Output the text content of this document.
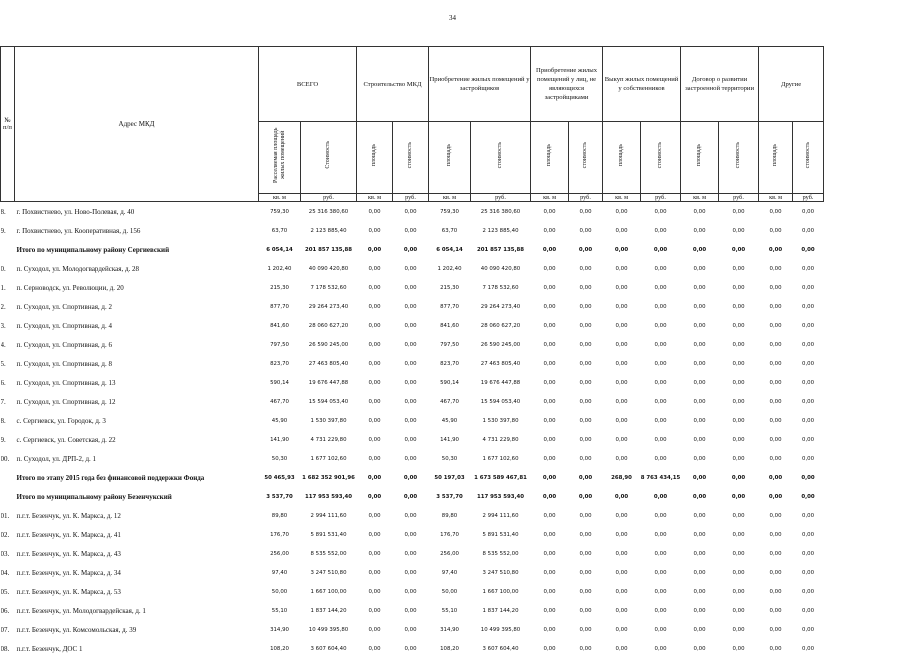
34
№ п/п	Адрес МКД	ВСЕГО		Строительство МКД		Приобретение жилых помещений у застройщиков		Приобретение жилых помещений у лиц, не являющихся застройщиками		Выкуп жилых помещений у собственников		Договор о развитии застроенной территории		Другие	
		Расселяемая площадь жилых помещений	Стоимость	площадь	стоимость	площадь	стоимость	площадь	стоимость	площадь	стоимость	площадь	стоимость	площадь	стоимость
		кв. м	руб.	кв. м	руб.	кв. м	руб.	кв. м	руб.	кв. м	руб.	кв. м	руб.	кв. м	руб.
8.	г. Похвистнево, ул. Ново-Полевая, д. 40	759,30	25 316 380,60	0,00	0,00	759,30	25 316 380,60	0,00	0,00	0,00	0,00	0,00	0,00	0,00	0,00
9.	г. Похвистнево, ул. Кооперативная, д. 156	63,70	2 123 885,40	0,00	0,00	63,70	2 123 885,40	0,00	0,00	0,00	0,00	0,00	0,00	0,00	0,00
	Итого по муниципальному району Сергиевский	6 054,14	201 857 135,88	0,00	0,00	6 054,14	201 857 135,88	0,00	0,00	0,00	0,00	0,00	0,00	0,00	0,00
0.	п. Суходол, ул. Молодогвардейская, д. 28	1 202,40	40 090 420,80	0,00	0,00	1 202,40	40 090 420,80	0,00	0,00	0,00	0,00	0,00	0,00	0,00	0,00
1.	п. Серноводск, ул. Революции, д. 20	215,30	7 178 532,60	0,00	0,00	215,30	7 178 532,60	0,00	0,00	0,00	0,00	0,00	0,00	0,00	0,00
2.	п. Суходол, ул. Спортивная, д. 2	877,70	29 264 273,40	0,00	0,00	877,70	29 264 273,40	0,00	0,00	0,00	0,00	0,00	0,00	0,00	0,00
3.	п. Суходол, ул. Спортивная, д. 4	841,60	28 060 627,20	0,00	0,00	841,60	28 060 627,20	0,00	0,00	0,00	0,00	0,00	0,00	0,00	0,00
4.	п. Суходол, ул. Спортивная, д. 6	797,50	26 590 245,00	0,00	0,00	797,50	26 590 245,00	0,00	0,00	0,00	0,00	0,00	0,00	0,00	0,00
5.	п. Суходол, ул. Спортивная, д. 8	823,70	27 463 805,40	0,00	0,00	823,70	27 463 805,40	0,00	0,00	0,00	0,00	0,00	0,00	0,00	0,00
6.	п. Суходол, ул. Спортивная, д. 13	590,14	19 676 447,88	0,00	0,00	590,14	19 676 447,88	0,00	0,00	0,00	0,00	0,00	0,00	0,00	0,00
7.	п. Суходол, ул. Спортивная, д. 12	467,70	15 594 053,40	0,00	0,00	467,70	15 594 053,40	0,00	0,00	0,00	0,00	0,00	0,00	0,00	0,00
8.	с. Сергиевск, ул. Городок, д. 3	45,90	1 530 397,80	0,00	0,00	45,90	1 530 397,80	0,00	0,00	0,00	0,00	0,00	0,00	0,00	0,00
9.	с. Сергиевск, ул. Советская, д. 22	141,90	4 731 229,80	0,00	0,00	141,90	4 731 229,80	0,00	0,00	0,00	0,00	0,00	0,00	0,00	0,00
00.	п. Суходол, ул. ДРП-2, д. 1	50,30	1 677 102,60	0,00	0,00	50,30	1 677 102,60	0,00	0,00	0,00	0,00	0,00	0,00	0,00	0,00
	Итого по этапу 2015 года без финансовой поддержки Фонда	50 465,93	1 682 352 901,96	0,00	0,00	50 197,03	1 673 589 467,81	0,00	0,00	268,90	8 763 434,15	0,00	0,00	0,00	0,00
	Итого по муниципальному району Безенчукский	3 537,70	117 953 593,40	0,00	0,00	3 537,70	117 953 593,40	0,00	0,00	0,00	0,00	0,00	0,00	0,00	0,00
01.	п.г.т. Безенчук, ул. К. Маркса, д. 12	89,80	2 994 111,60	0,00	0,00	89,80	2 994 111,60	0,00	0,00	0,00	0,00	0,00	0,00	0,00	0,00
02.	п.г.т. Безенчук, ул. К. Маркса, д. 41	176,70	5 891 531,40	0,00	0,00	176,70	5 891 531,40	0,00	0,00	0,00	0,00	0,00	0,00	0,00	0,00
03.	п.г.т. Безенчук, ул. К. Маркса, д. 43	256,00	8 535 552,00	0,00	0,00	256,00	8 535 552,00	0,00	0,00	0,00	0,00	0,00	0,00	0,00	0,00
04.	п.г.т. Безенчук, ул. К. Маркса, д. 34	97,40	3 247 510,80	0,00	0,00	97,40	3 247 510,80	0,00	0,00	0,00	0,00	0,00	0,00	0,00	0,00
05.	п.г.т. Безенчук, ул. К. Маркса, д. 53	50,00	1 667 100,00	0,00	0,00	50,00	1 667 100,00	0,00	0,00	0,00	0,00	0,00	0,00	0,00	0,00
06.	п.г.т. Безенчук, ул. Молодогвардейская, д. 1	55,10	1 837 144,20	0,00	0,00	55,10	1 837 144,20	0,00	0,00	0,00	0,00	0,00	0,00	0,00	0,00
07.	п.г.т. Безенчук, ул. Комсомольская, д. 39	314,90	10 499 395,80	0,00	0,00	314,90	10 499 395,80	0,00	0,00	0,00	0,00	0,00	0,00	0,00	0,00
08.	п.г.т. Безенчук, ДОС 1	108,20	3 607 604,40	0,00	0,00	108,20	3 607 604,40	0,00	0,00	0,00	0,00	0,00	0,00	0,00	0,00
